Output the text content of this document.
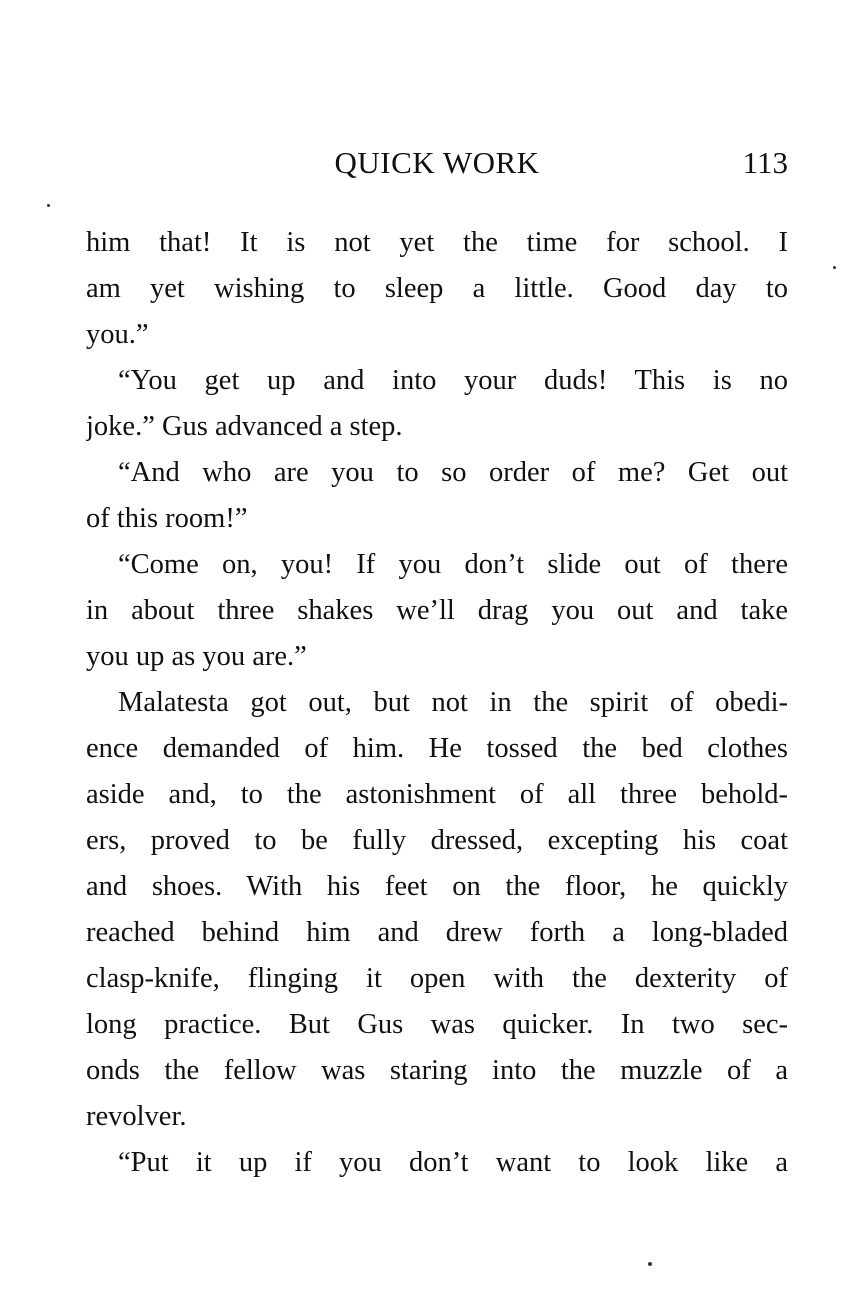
QUICK WORK	113
him that! It is not yet the time for school. I
am yet wishing to sleep a little. Good day to
you.”
“You get up and into your duds! This is no
joke.” Gus advanced a step.
“And who are you to so order of me? Get out
of this room!”
“Come on, you! If you don’t slide out of there
in about three shakes we’ll drag you out and take
you up as you are.”
Malatesta got out, but not in the spirit of obedi-
ence demanded of him. He tossed the bed clothes
aside and, to the astonishment of all three behold-
ers, proved to be fully dressed, excepting his coat
and shoes. With his feet on the floor, he quickly
reached behind him and drew forth a long-bladed
clasp-knife, flinging it open with the dexterity of
long practice. But Gus was quicker. In two sec-
onds the fellow was staring into the muzzle of a
revolver.
“Put it up if you don’t want to look like a
